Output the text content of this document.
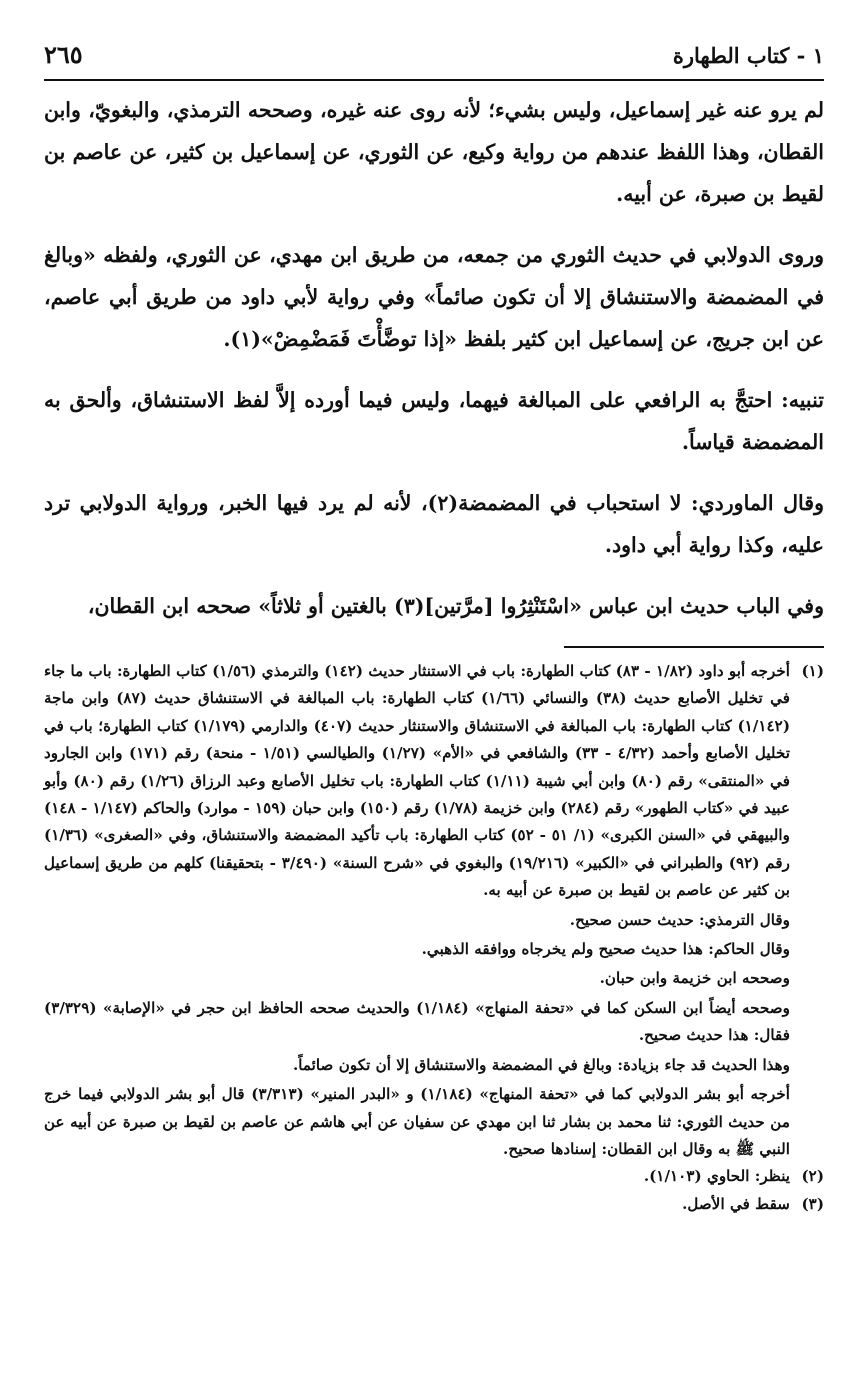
١ - كتاب الطهارة
٢٦٥

لم يرو عنه غير إسماعيل، وليس بشيء؛ لأنه روى عنه غيره، وصححه الترمذي، والبغويّ، وابن القطان، وهذا اللفظ عندهم من رواية وكيع، عن الثوري، عن إسماعيل بن كثير، عن عاصم بن لقيط بن صبرة، عن أبيه.

وروى الدولابي في حديث الثوري من جمعه، من طريق ابن مهدي، عن الثوري، ولفظه «وبالغ في المضمضة والاستنشاق إلا أن تكون صائماً» وفي رواية لأبي داود من طريق أبي عاصم، عن ابن جريج، عن إسماعيل ابن كثير بلفظ «إذا توضَّأْتَ فَمَضْمِضْ»(١).

تنبيه: احتجَّ به الرافعي على المبالغة فيهما، وليس فيما أورده إلاَّ لفظ الاستنشاق، وألحق به المضمضة قياساً.

وقال الماوردي: لا استحباب في المضمضة(٢)، لأنه لم يرد فيها الخبر، ورواية الدولابي ترد عليه، وكذا رواية أبي داود.

وفي الباب حديث ابن عباس «اسْتَنْثِرُوا [مرَّتين](٣) بالغتين أو ثلاثاً» صححه ابن القطان،

(١)

أخرجه أبو داود (١/٨٢ - ٨٣) كتاب الطهارة: باب في الاستنثار حديث (١٤٢) والترمذي (١/٥٦) كتاب الطهارة: باب ما جاء في تخليل الأصابع حديث (٣٨) والنسائي (١/٦٦) كتاب الطهارة: باب المبالغة في الاستنشاق حديث (٨٧) وابن ماجة (١/١٤٢) كتاب الطهارة: باب المبالغة في الاستنشاق والاستنثار حديث (٤٠٧) والدارمي (١/١٧٩) كتاب الطهارة؛ باب في تخليل الأصابع وأحمد (٤/٣٢ - ٣٣) والشافعي في «الأم» (١/٢٧) والطيالسي (١/٥١ - منحة) رقم (١٧١) وابن الجارود في «المنتقى» رقم (٨٠) وابن أبي شيبة (١/١١) كتاب الطهارة: باب تخليل الأصابع وعبد الرزاق (١/٢٦) رقم (٨٠) وأبو عبيد في «كتاب الطهور» رقم (٢٨٤) وابن خزيمة (١/٧٨) رقم (١٥٠) وابن حبان (١٥٩ - موارد) والحاكم (١/١٤٧ - ١٤٨) والبيهقي في «السنن الكبرى» (١/ ٥١ - ٥٢) كتاب الطهارة: باب تأكيد المضمضة والاستنشاق، وفي «الصغرى» (١/٣٦) رقم (٩٢) والطبراني في «الكبير» (١٩/٢١٦) والبغوي في «شرح السنة» (٣/٤٩٠ - بتحقيقنا) كلهم من طريق إسماعيل بن كثير عن عاصم بن لقيط بن صبرة عن أبيه به.

وقال الترمذي: حديث حسن صحيح.

وقال الحاكم: هذا حديث صحيح ولم يخرجاه ووافقه الذهبي.

وصححه ابن خزيمة وابن حبان.

وصححه أيضاً ابن السكن كما في «تحفة المنهاج» (١/١٨٤) والحديث صححه الحافظ ابن حجر في «الإصابة» (٣/٣٢٩) فقال: هذا حديث صحيح.

وهذا الحديث قد جاء بزيادة: وبالغ في المضمضة والاستنشاق إلا أن تكون صائماً.

أخرجه أبو بشر الدولابي كما في «تحفة المنهاج» (١/١٨٤) و «البدر المنير» (٣/٣١٣) قال أبو بشر الدولابي فيما خرج من حديث الثوري: ثنا محمد بن بشار ثنا ابن مهدي عن سفيان عن أبي هاشم عن عاصم بن لقيط بن صبرة عن أبيه عن النبي ﷺ به وقال ابن القطان: إسنادها صحيح.

(٢)

ينظر: الحاوي (١/١٠٣).

(٣)

سقط في الأصل.
